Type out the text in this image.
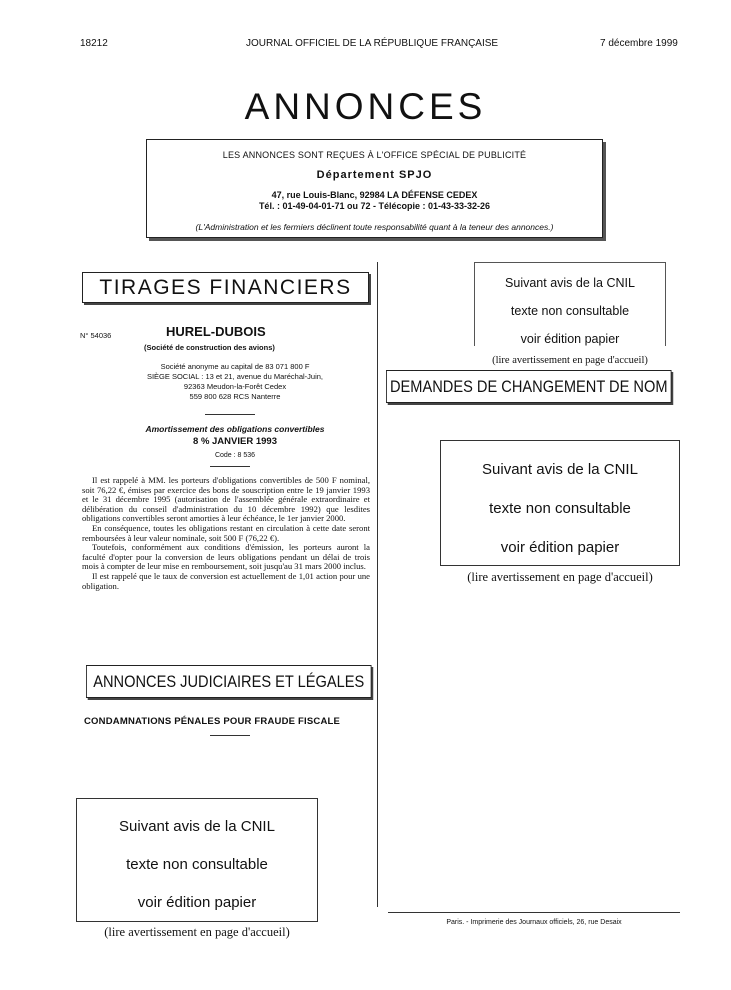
18212	JOURNAL OFFICIEL DE LA RÉPUBLIQUE FRANÇAISE	7 décembre 1999
ANNONCES
LES ANNONCES SONT REÇUES À L'OFFICE SPÉCIAL DE PUBLICITÉ
Département SPJO
47, rue Louis-Blanc, 92984 LA DÉFENSE CEDEX
Tél. : 01-49-04-01-71 ou 72 - Télécopie : 01-43-33-32-26
(L'Administration et les fermiers déclinent toute responsabilité quant à la teneur des annonces.)
TIRAGES FINANCIERS
N° 54036	HUREL-DUBOIS
(Société de construction des avions)
Société anonyme au capital de 83 071 800 F
SIÈGE SOCIAL : 13 et 21, avenue du Maréchal-Juin,
92363 Meudon-la-Forêt Cedex
559 800 628 RCS Nanterre
Amortissement des obligations convertibles
8 % JANVIER 1993
Code : 8 536

Il est rappelé à MM. les porteurs d'obligations convertibles de 500 F nominal, soit 76,22 €, émises par exercice des bons de souscription entre le 19 janvier 1993 et le 31 décembre 1995 (autorisation de l'assemblée générale extraordinaire et délibération du conseil d'administration du 10 décembre 1992) que lesdites obligations convertibles seront amorties à leur échéance, le 1er janvier 2000.

En conséquence, toutes les obligations restant en circulation à cette date seront remboursées à leur valeur nominale, soit 500 F (76,22 €).

Toutefois, conformément aux conditions d'émission, les porteurs auront la faculté d'opter pour la conversion de leurs obligations pendant un délai de trois mois à compter de leur mise en remboursement, soit jusqu'au 31 mars 2000 inclus.

Il est rappelé que le taux de conversion est actuellement de 1,01 action pour une obligation.

ANNONCES JUDICIAIRES ET LÉGALES
CONDAMNATIONS PÉNALES POUR FRAUDE FISCALE
Suivant avis de la CNIL
texte non consultable
voir édition papier
(lire avertissement en page d'accueil)
DEMANDES DE CHANGEMENT DE NOM
Suivant avis de la CNIL
texte non consultable
voir édition papier
(lire avertissement en page d'accueil)
Suivant avis de la CNIL
texte non consultable
voir édition papier
(lire avertissement en page d'accueil)
Paris. - Imprimerie des Journaux officiels, 26, rue Desaix
